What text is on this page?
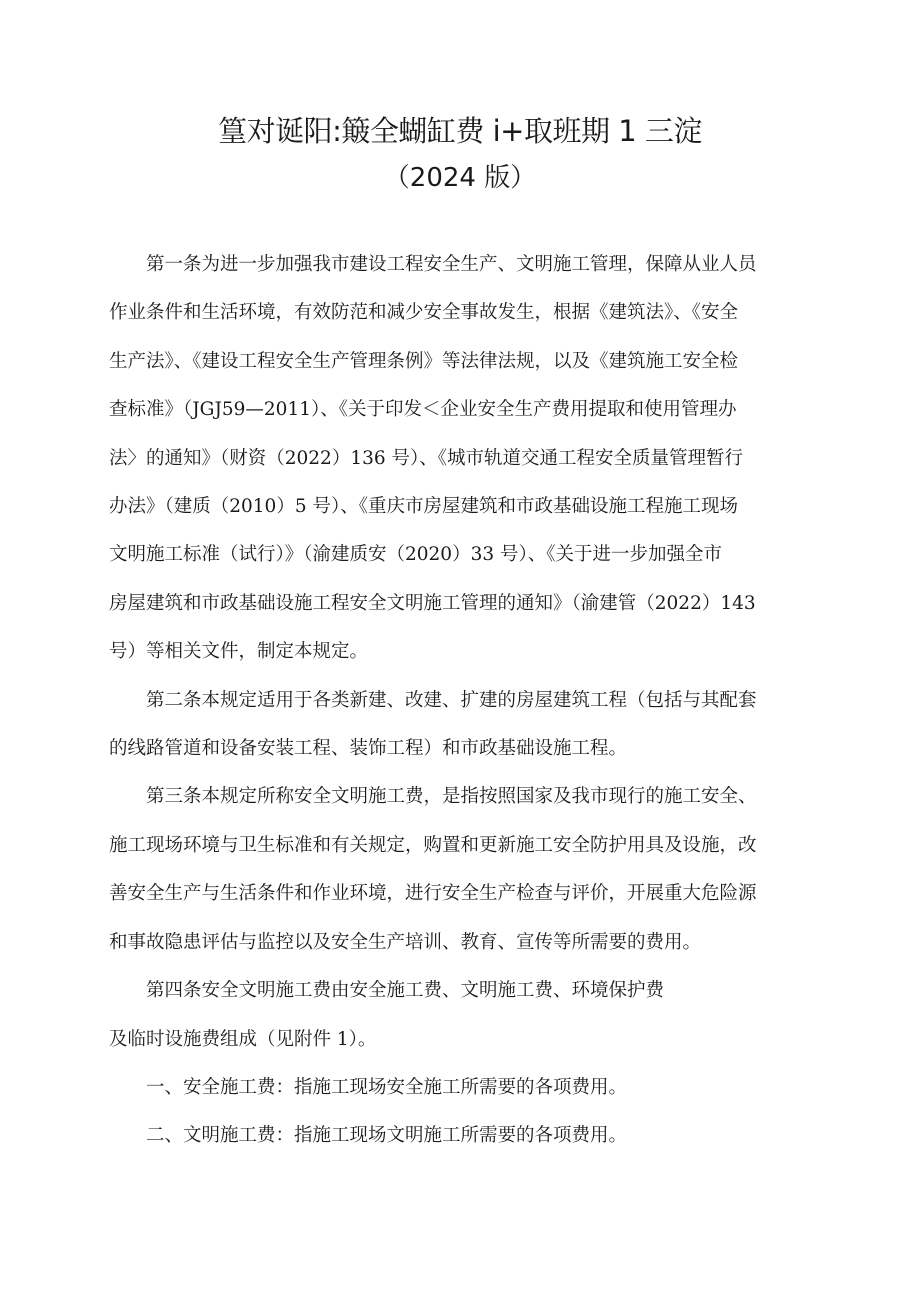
篁对诞阳:簸全蝴缸费 i+取班期 1 三淀
（2024 版）
第一条为进一步加强我市建设工程安全生产、文明施工管理，保障从业人员
作业条件和生活环境，有效防范和减少安全事故发生，根据《建筑法》、《安全
生产法》、《建设工程安全生产管理条例》等法律法规，以及《建筑施工安全检
查标准》（JGJ59—2011）、《关于印发＜企业安全生产费用提取和使用管理办
法〉的通知》（财资（2022）136 号）、《城市轨道交通工程安全质量管理暂行
办法》（建质（2010）5 号）、《重庆市房屋建筑和市政基础设施工程施工现场
文明施工标准（试行）》（渝建质安（2020）33 号）、《关于进一步加强全市
房屋建筑和市政基础设施工程安全文明施工管理的通知》（渝建管（2022）143
号）等相关文件，制定本规定。
第二条本规定适用于各类新建、改建、扩建的房屋建筑工程（包括与其配套
的线路管道和设备安装工程、装饰工程）和市政基础设施工程。
第三条本规定所称安全文明施工费，是指按照国家及我市现行的施工安全、
施工现场环境与卫生标准和有关规定，购置和更新施工安全防护用具及设施，改
善安全生产与生活条件和作业环境，进行安全生产检查与评价，开展重大危险源
和事故隐患评估与监控以及安全生产培训、教育、宣传等所需要的费用。
第四条安全文明施工费由安全施工费、文明施工费、环境保护费
及临时设施费组成（见附件 1）。
一、安全施工费：指施工现场安全施工所需要的各项费用。
二、文明施工费：指施工现场文明施工所需要的各项费用。
